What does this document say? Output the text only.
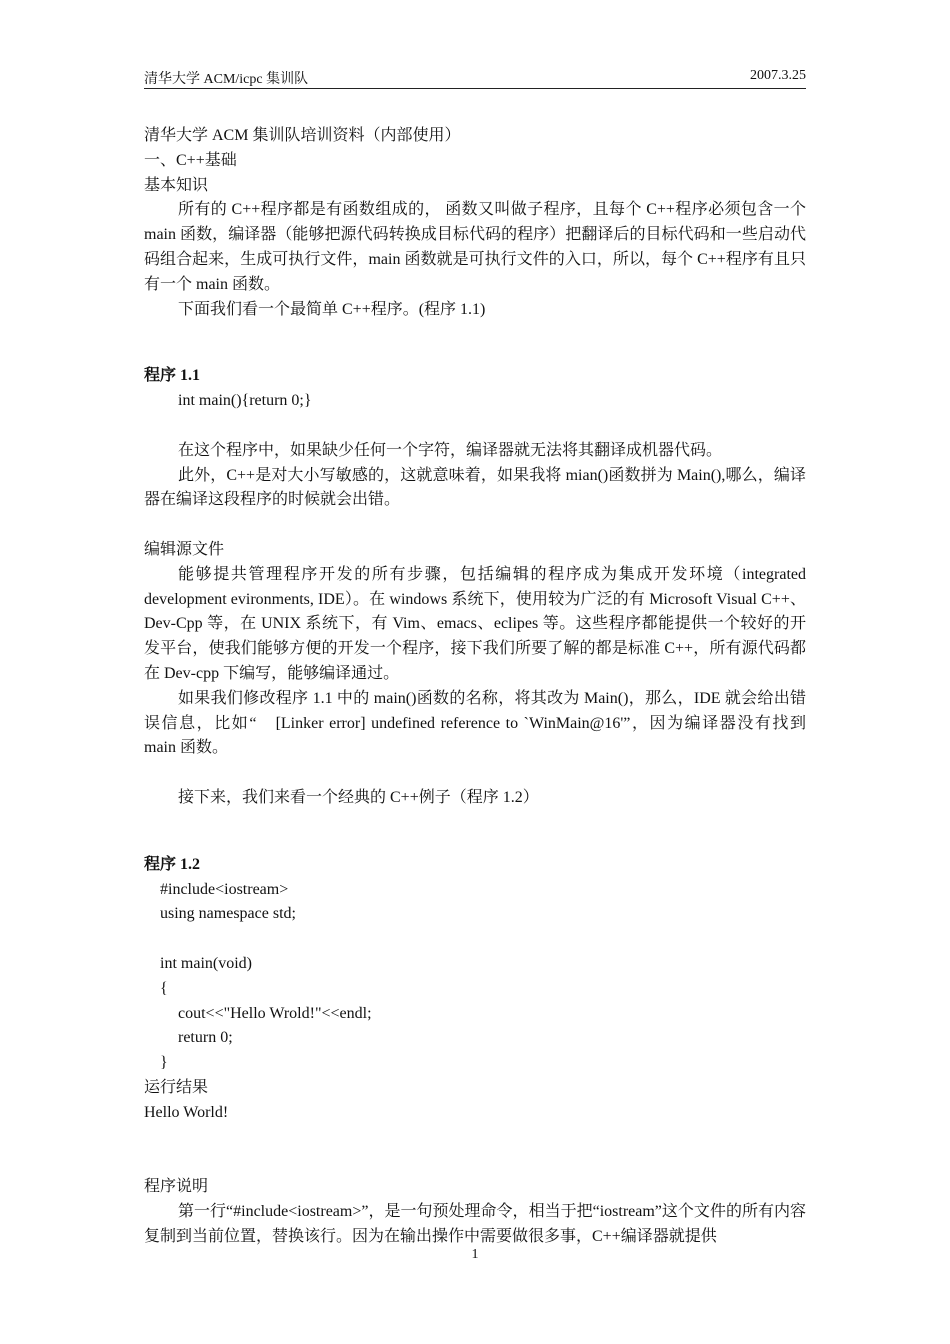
清华大学 ACM/icpc 集训队	2007.3.25
清华大学 ACM 集训队培训资料（内部使用）
一、C++基础
基本知识
所有的 C++程序都是有函数组成的， 函数又叫做子程序，且每个 C++程序必须包含一个 main 函数，编译器（能够把源代码转换成目标代码的程序）把翻译后的目标代码和一些启动代码组合起来，生成可执行文件，main 函数就是可执行文件的入口，所以，每个 C++程序有且只有一个 main 函数。
下面我们看一个最简单 C++程序。(程序 1.1)
程序 1.1
int main(){return 0;}
在这个程序中，如果缺少任何一个字符，编译器就无法将其翻译成机器代码。
此外，C++是对大小写敏感的，这就意味着，如果我将 mian()函数拼为 Main(),哪么，编译器在编译这段程序的时候就会出错。
编辑源文件
能够提共管理程序开发的所有步骤，包括编辑的程序成为集成开发环境（integrated development evironments, IDE）。在 windows 系统下，使用较为广泛的有 Microsoft Visual C++、Dev-Cpp 等，在 UNIX 系统下，有 Vim、emacs、eclipes 等。这些程序都能提供一个较好的开发平台，使我们能够方便的开发一个程序，接下我们所要了解的都是标准 C++，所有源代码都在 Dev-cpp 下编写，能够编译通过。
如果我们修改程序 1.1 中的 main()函数的名称，将其改为 Main()，那么，IDE 就会给出错误信息，比如“　[Linker error] undefined reference to `WinMain@16'”，因为编译器没有找到 main 函数。
接下来，我们来看一个经典的 C++例子（程序 1.2）
程序 1.2
#include<iostream>
using namespace std;
int main(void)
{
cout<<"Hello Wrold!"<<endl;
return 0;
}
运行结果
Hello World!
程序说明
第一行“#include<iostream>”，是一句预处理命令，相当于把“iostream”这个文件的所有内容复制到当前位置，替换该行。因为在输出操作中需要做很多事，C++编译器就提供
1
